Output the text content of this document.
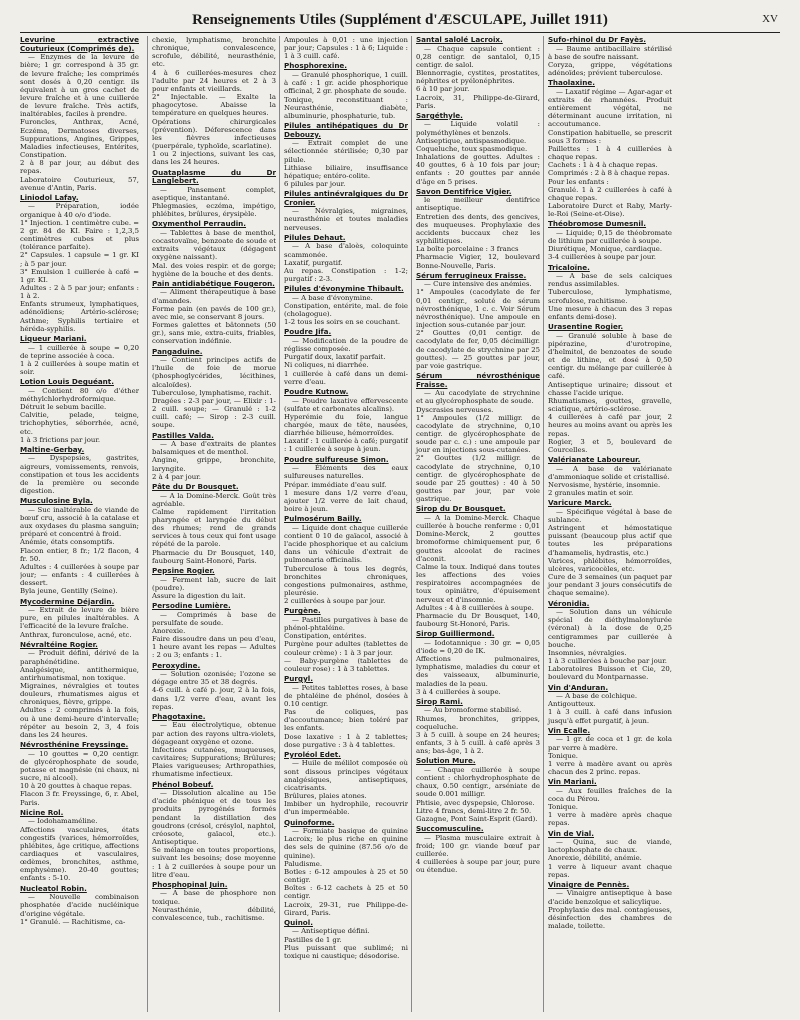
Renseignements Utiles (Supplément d'ÆSCULAPE, Juillet 1911)	XV
Levurine extractive Couturieux (Comprimés de).
— Enzymes de la levure de bière; 1 gr. correspond à 35 gr. de levure fraîche; les comprimés sont dosés à 0,20 centigr. ils équivalent à un gros cachet de levure fraîche et à une cuillerée de levure fraîche. Très actifs, inaltérables, faciles à prendre.
Furoncles, Anthrax, Acné, Eczéma, Dermatoses diverses, Suppurations, Angines, Grippes, Maladies infectieuses, Entérites, Constipation.
2 à 8 par jour, au début des repas.
Laboratoire Couturieux, 57, avenue d'Antin, Paris.
Liniodol Lafay.
— Préparation, iodée organique à 40 o/o d'iode.
1° Injection. 1 centimètre cube. = 2 gr. 84 de KI. Faire : 1,2,3,5 centimètres cubes et plus (tolérance parfaite).
2° Capsules. 1 capsule = 1 gr. KI ; à 5 par jour.
3° Emulsion 1 cuillerée à café = 1 gr. KI.
Adultes : 2 à 5 par jour; enfants : 1 à 2.
Enfants strumeux, lymphatiques, adénoïdiens; Artério-sclérose; Asthme; Syphilis tertiaire et héréda-syphilis.
Liqueur Mariani.
— 1 cuillerée à soupe = 0,20 de teprine associée à coca.
1 à 2 cuillerées à soupe matin et soir.
Lotion Louis Deguéant.
— Contient 80 o/o d'éther méthylchlorhydroformique.
Détruit le sebum bacille.
Calvitie, pelade, teigne, trichophyties, séborrhée, acné, etc.
1 à 3 frictions par jour.
Maltine-Gerbay.
— Dyspepsies, gastrites, aigreurs, vomissements, renvois, constipation et tous les accidents de la première ou seconde digestion.
Musculosine Byla.
— Suc inaltérable de viande de bœuf cru, associé à la catalase et aux oxydases du plasma sanguin; préparé et concentré à froid.
Anémie, états consomptifs.
Flacon entier, 8 fr.; 1/2 flacon, 4 fr. 50.
Adultes : 4 cuillerées à soupe par jour; — enfants : 4 cuillerées à dessert.
Byla jeune, Gentilly (Seine).
Mycodermine Déjardin.
— Extrait de levure de bière pure, en pilules inaltérables. A l'efficacité de la levure fraîche.
Anthrax, furonculose, acné, etc.
Névraltéine Rogier.
— Produit défini, dérivé de la paraphénétidine.
Analgésique, antithermique, antirhumatismal, non toxique.
Migraines, névralgies et toutes douleurs, rhumatismes aigus et chroniques, fièvre, grippe.
Adultes : 2 comprimés à la fois, ou à une demi-heure d'intervalle; répéter au besoin 2, 3, 4 fois dans les 24 heures.
Névrosthénine Freyssinge.
— 10 gouttes = 0,20 centigr. de glycérophosphate de soude, potasse et magnésie (ni chaux, ni sucre, ni alcool).
10 à 20 gouttes à chaque repas.
Flacon 3 fr. Freyssinge, 6, r. Abel, Paris.
Nicine Rol.
— Iodohamaméline.
Affections vasculaires, états congestifs (varices, hémorroïdes, phlébites, âge critique, affections cardiaques et vasculaires, œdèmes, bronchites, asthme, emphysème). 20-40 gouttes; enfants : 5-10.
Nucleatol Robin.
— Nouvelle combinaison phosphatée d'acide nucléinique d'origine végétale.
1° Granulé. — Rachitisme, ca-
chexie, lymphatisme, bronchite chronique, convalescence, scrofule, débilité, neurasthénie, etc.
4 à 6 cuillerées-mesures chez l'adulte par 24 heures et 2 à 3 pour enfants et vieillards.
2° Injectable. — Exalte la phagocytose. Abaisse la température en quelques heures.
Opérations chirurgicales (prévention). Déferescence dans les fièvres infectieuses (puerpérale, typhoïde, scarlatine).
1 ou 2 injections, suivant les cas, dans les 24 heures.
Ouataplasme du Dr Langlebert.
— Pansement complet, aseptique, instantané.
Phlegmasies, eczéma, impétigo, phlébites, brûlures, érysipèle.
Oxymenthol Perraudin.
— Tablettes à base de menthol, cocastovaïne, benzoate de soude et extraits végétaux (dégagent oxygène naissant).
Mal. des voies respir. et de gorge; hygiène de la bouche et des dents.
Pain antidiabétique Fougeron.
— Aliment thérapeutique à base d'amandes.
Forme pain (en pavés de 100 gr.), avec mie, se conservant 8 jours.
Formes galettes et bâtonnets (50 gr.), sans mie, extra-cuits, friables, conservation indéfinie.
Pangaduine.
— Contient principes actifs de l'huile de foie de morue (phosphoglycérides, lécithines, alcaloïdes).
Tuberculose, lymphatisme, rachit.
Dragées : 2-3 par jour, — Elixir : 1-2 cuill. soupe; — Granulé : 1-2 cuill. café; — Sirop : 2-3 cuill. soupe.
Pastilles Valda.
— A base d'extraits de plantes balsamiques et de menthol.
Angine, grippe, bronchite, laryngite.
2 à 4 par jour.
Pâte du Dr Bousquet.
— A la Domine-Merck. Goût très agréable.
Calme rapidement l'irritation pharyngée et laryngée du début des rhumes; rend de grands services à tous ceux qui font usage répété de la parole.
Pharmacie du Dr Bousquet, 140, faubourg Saint-Honoré, Paris.
Pepsine Rogier.
— Ferment lab, sucre de lait (poudre).
Assure la digestion du lait.
Persodine Lumière.
— Comprimés à base de persulfate de soude.
Anorexie.
Faire dissoudre dans un peu d'eau, 1 heure avant les repas — Adultes : 2 ou 3; enfants : 1.
Peroxydine.
— Solution ozonisée; l'ozone se dégage entre 35 et 38 degrés.
4-6 cuill. à café p. jour, 2 à la fois, dans 1/2 verre d'eau, avant les repas.
Phagotaxine.
— Eau électrolytique, obtenue par action des rayons ultra-violets, dégageant oxygène et ozone.
Infections cutanées, muqueuses, cavitaires; Suppurations; Brûlures; Plaies varigueuses; Arthropathies, rhumatisme infectieux.
Phénol Bobeuf.
— Dissolution alcaline au 15e d'acide phénique et de tous les produits pyrogénés formés pendant la distillation des goudrons (crésol, crésylol, naphtol, créosote, gaïacol, etc.). Antiseptique.
Se mélange en toutes proportions, suivant les besoins; dose moyenne : 1 à 2 cuillerées à soupe pour un litre d'eau.
Phosphopinal Juin.
— A base de phosphore non toxique.
Neurasthénie, débilité, convalescence, tub., rachitisme.
Ampoules à 0,01 : une injection par jour; Capsules : 1 à 6; Liquide : 1 à 3 cuill. café.
Phosphorexine.
— Granulé phosphorique, 1 cuill. à café : 1 gr. acide phosphorique officinal, 2 gr. phosphate de soude.
Tonique, reconstituant : Neurasthénie, diabète, albuminurie, phosphaturie, tub.
Pilules antihépatiques du Dr Debouzy.
— Extrait complet de une sélectionnée stérilisée; 0,30 par pilule.
Lithiase biliaire, insuffisance hépatique; entéro-colite.
6 pilules par jour.
Pilules antinévralgiques du Dr Cronier.
— Névralgies, migraines, neurasthénie et toutes maladies nerveuses.
Pilules Dehaut.
— A base d'aloès, coloquinte scammonée.
Laxatif, purgatif.
Au repas. Constipation : 1-2; purgatif : 2-3.
Pilules d'évonymine Thibault.
— A base d'évonymine.
Constipation, entérite, mal. de foie (cholagogue).
1-2 tous les soirs en se couchant.
Poudre Jifa.
— Modification de la poudre de réglisse composée.
Purgatif doux, laxatif parfait.
Ni coliques, ni diarrhée.
1 cuillerée à café dans un demi-verre d'eau.
Poudre Kutnow.
— Poudre laxative effervescente (sulfate et carbonates alcalins).
Hyperémie du foie, langue chargée, maux de tête, nausées, diarrhée bilieuse, hémorroïdes.
Laxatif : 1 cuillerée à café; purgatif : 1 cuillerée à soupe à jeun.
Poudre sulfureuse Simon.
— Éléments des eaux sulfureuses naturelles.
Prépar. immédiate d'eau sulf.
1 mesure dans 1/2 verre d'eau, ajouter 1/2 verre de lait chaud, boire à jeun.
Pulmosérum Bailly.
— Liquide dont chaque cuillerée contient 0 10 de gaïacol, associé à l'acide phosphorique et au calcium dans un véhicule d'extrait de pulmonaria officinalis.
Tuberculose à tous les degrés, bronchites chroniques, congestions pulmonaires, asthme, pleurésie.
2 cuillerées à soupe par jour.
Purgène.
— Pastilles purgatives à base de phénol-phtaléine.
Constipation, entérites.
Purgène pour adultes (tablettes de couleur crème) : 1 à 3 par jour.
— Baby-purgène (tablettes de couleur rose) : 1 à 3 tablettes.
Purgyl.
— Petites tablettes roses, à base de phtaléine de phénol, dosées à 0.10 centigr.
Pas de coliques, pas d'accoutumance; bien toléré par les enfants.
Dose laxative : 1 à 2 tablettes; dose purgative : 3 à 4 tablettes.
Pyroléol Edet.
— Huile de mélilot composée où sont dissous principes végétaux analgésiques, antiseptiques, cicatrisants.
Brûlures, plaies atones.
Imbiber un hydrophile, recouvrir d'un imperméable.
Quinoforme.
— Formiate basique de quinine Lacroix; le plus riche en quinine des sels de quinine (87.56 o/o de quinine).
Paludisme.
Botles : 6-12 ampoules à 25 et 50 centigr.
Boîtes : 6-12 cachets à 25 et 50 centigr.
Lacroix, 29-31, rue Philippe-de-Girard, Paris.
Quinol.
— Antiseptique défini.
Pastilles de 1 gr.
Plus puissant que sublimé; ni toxique ni caustique; désodorise.
Santal salolé Lacroix.
— Chaque capsule contient : 0,28 centigr. de santalol, 0,15 centigr. de salol.
Blennorragie, cystites, prostatites, néphrites et pyélonéphrites.
6 à 10 par jour.
Lacroix, 31, Philippe-de-Girard, Paris.
Sargéthyle.
— Liquide volatil : polyméthylènes et benzols.
Antiseptique, antispasmodique.
Coqueluche, toux spasmodique.
Inhalations de gouttes. Adultes : 40 gouttes, 6 à 10 fois par jour; enfants : 20 gouttes par année d'âge en 5 prises.
Savon Dentifrice Vigier.
le meilleur dentifrice antiseptique.
Entretien des dents, des gencives, des muqueuses. Prophylaxie des accidents buccaux chez les syphilitiques.
La boîte porcelaine : 3 francs
Pharmacie Vigier, 12, boulevard Bonne-Nouvelle, Paris.
Sérum ferrugineux Fraisse.
— Cure intensive des anémies.
1° Ampoules (cacodylate de fer 0,01 centigr., soluté de sérum névrosthénique, 1 c. c. Voir Sérum névrosthénique). Une ampoule en injection sous-cutanée par jour.
2° Gouttes (0,01 centigr. de cacodylate de fer, 0,05 décimilligr. de cacodylate de strychnine par 25 gouttes). — 25 gouttes par jour, par voie gastrique.
Sérum névrosthénique Fraisse.
— Au cacodylate de strychnine et au glycérophosphate de soude.
Dyscrasies nerveuses.
1° Ampoules (1/2 milligr. de cacodylate de strychnine, 0,10 centigr. de glycérophosphate de soude par c. c.) : une ampoule par jour en injections sous-cutanées.
2° Gouttes (1/2 milligr. de cacodylate de strychnine, 0,10 centigr. de glycérophosphate de soude par 25 gouttes) : 40 à 50 gouttes par jour, par voie gastrique.
Sirop du Dr Bousquet.
— A la Domine-Merck. Chaque cuillerée à bouche renferme : 0,01 Domine-Merck, 2 gouttes bromoforme chimiquement pur, 6 gouttes alcoolat de racines d'aconit.
Calme la toux. Indiqué dans toutes les affections des voies respiratoires accompagnées de toux opiniâtre, d'épuisement nerveux et d'insomnie.
Adultes : 4 à 8 cuillerées à soupe.
Pharmacie du Dr Bousquet, 140, faubourg St-Honoré, Paris.
Sirop Guilliermond.
— Iodotannique : 30 gr. = 0,05 d'iode = 0,20 de IK.
Affections pulmonaires, lymphatisme, maladies du cœur et des vaisseaux, albuminurie, maladies de la peau.
3 à 4 cuillerées à soupe.
Sirop Rami.
— Au bromoforme stabilisé.
Rhumes, bronchites, grippes, coqueluche.
3 à 5 cuill. à soupe en 24 heures; enfants, 3 à 5 cuill. à café après 3 ans; bas-âge, 1 à 2.
Solution Mure.
— Chaque cuillerée à soupe contient : chlorhydrophosphate de chaux, 0.50 centigr., arséniate de soude 0.001 milligr.
Phtisie, avec dyspepsie, Chlorose.
Litre 4 francs, demi-litre 2 fr. 50.
Gazagne, Pont Saint-Esprit (Gard).
Succomusculine.
— Plasma musculaire extrait à froid; 100 gr. viande bœuf par cuillerée.
4 cuillerées à soupe par jour, pure ou étendue.
Sufo-rhinol du Dr Fayès.
— Baume antibacillaire stérilisé à base de soufre naissant.
Coryza, grippe, végétations adénoïdes; prévient tuberculose.
Thaolaxine.
— Laxatif régime — Agar-agar et extraits de rhamnées. Produit entièrement végétal, ne déterminant aucune irritation, ni accoutumance.
Constipation habituelle, se prescrit sous 3 formes :
Paillettes : 1 à 4 cuillerées à chaque repas.
Cachets : 1 à 4 à chaque repas.
Comprimés : 2 à 8 à chaque repas.
Pour les enfants :
Granulé. 1 à 2 cuillerées à café à chaque repas.
Laboratoire Durct et Raby, Marly-le-Roi (Seine-et-Oise).
Théobromose Dumesnil.
— Liquide; 0,15 de théobromate de lithium par cuillerée à soupe.
Diurétique, Monique, cardiaque.
3-4 cuillerées à soupe par jour.
Tricaloïne.
— A base de sels calciques rendus assimilables.
Tuberculose, lymphatisme, scrofulose, rachitisme.
Une mesure à chacun des 3 repas enfants demi-dose).
Urasentine Rogier.
— Granulé soluble à base de pipérazine, d'urotropine, d'helmitol, de benzoates de soude et de lithine, et dosé à 0,50 centigr. du mélange par cuillerée à café.
Antiseptique urinaire; dissout et chasse l'acide urique.
Rhumatismes, gouttes, gravelle, sciatique, artério-sclérose.
4 cuillerées à café par jour, 2 heures au moins avant ou après les repas.
Rogier, 3 et 5, boulevard de Courcelles.
Valérianate Laboureur.
— A base de valérianate d'ammoniaque solide et cristallisé.
Nervosisme, hystérie, insomnie.
2 granules matin et soir.
Varicure Marck.
— Spécifique végétal à base de sublance.
Astringent et hémostatique puissant (beaucoup plus actif que toutes les préparations d'hamamelis, hydrastis, etc.)
Varices, phlébites, hémorroïdes, ulcères, varicocèles, etc.
Cure de 3 semaines (un paquet par jour pendant 3 jours consécutifs de chaque semaine).
Véronidia.
— Solution dans un véhicule spécial de diéthylmalonylurée (véronal) à la dose de 0,25 centigrammes par cuillerée à bouche.
Insomnies, névralgies.
1 à 3 cuillerées à bouche par jour.
Laboratoires Buisson et Cie, 20, boulevard du Montparnasse.
Vin d'Anduran.
— A base de colchique.
Antigoutteux.
1 à 3 cuill. à café dans infusion jusqu'à effet purgatif, à jeun.
Vin Ecalle.
— 1 gr. de coca et 1 gr. de kola par verre à madère.
Tonique.
1 verre à madère avant ou après chacun des 2 princ. repas.
Vin Mariani.
— Aux feuilles fraîches de la coca du Pérou.
Tonique.
1 verre à madère après chaque repas.
Vin de Vial.
— Quina, suc de viande, lactophosphate de chaux.
Anorexie, débilité, anémie.
1 verre à liqueur avant chaque repas.
Vinaigre de Pennès.
— Vinaigre antiseptique à base d'acide benzoïque et salicylique.
Prophylaxie des mal. contagieuses, désinfection des chambres de malade, toilette.
